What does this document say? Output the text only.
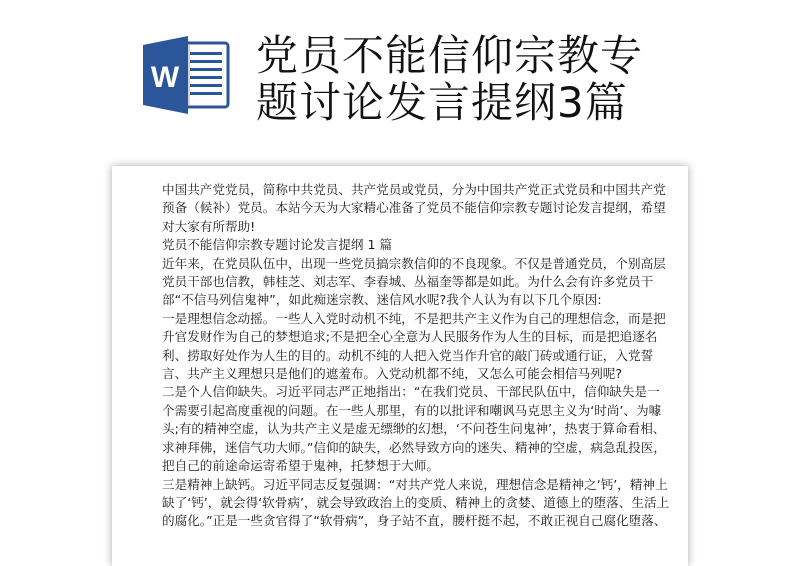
W 党员不能信仰宗教专
题讨论发言提纲3篇

中国共产党党员，简称中共党员、共产党员或党员，分为中国共产党正式党员和中国共产党预备（候补）党员。本站今天为大家精心准备了党员不能信仰宗教专题讨论发言提纲，希望对大家有所帮助!

党员不能信仰宗教专题讨论发言提纲 1 篇

近年来，在党员队伍中，出现一些党员搞宗教信仰的不良现象。不仅是普通党员，个别高层党员干部也信教，韩桂芝、刘志军、李春城、丛福奎等都是如此。为什么会有许多党员干部“不信马列信鬼神”，如此痴迷宗教、迷信风水呢?我个人认为有以下几个原因:

一是理想信念动摇。一些人入党时动机不纯，不是把共产主义作为自己的理想信念，而是把升官发财作为自己的梦想追求;不是把全心全意为人民服务作为人生的目标，而是把追逐名利、捞取好处作为人生的目的。动机不纯的人把入党当作升官的敲门砖或通行证，入党誓言、共产主义理想只是他们的遮羞布。入党动机都不纯，又怎么可能会相信马列呢?

二是个人信仰缺失。习近平同志严正地指出：“在我们党员、干部民队伍中，信仰缺失是一个需要引起高度重视的问题。在一些人那里，有的以批评和嘲讽马克思主义为‘时尚’、为噱头;有的精神空虚，认为共产主义是虚无缥缈的幻想，‘不问苍生问鬼神’，热衷于算命看相、求神拜佛，迷信气功大师。”信仰的缺失，必然导致方向的迷失、精神的空虚，病急乱投医，把自己的前途命运寄希望于鬼神，托梦想于大师。

三是精神上缺钙。习近平同志反复强调：“对共产党人来说，理想信念是精神之‘钙’，精神上缺了‘钙’，就会得‘软骨病’，就会导致政治上的变质、精神上的贪婪、道德上的堕落、生活上的腐化。”正是一些贪官得了“软骨病”，身子站不直，腰杆挺不起，不敢正视自己腐化堕落、
